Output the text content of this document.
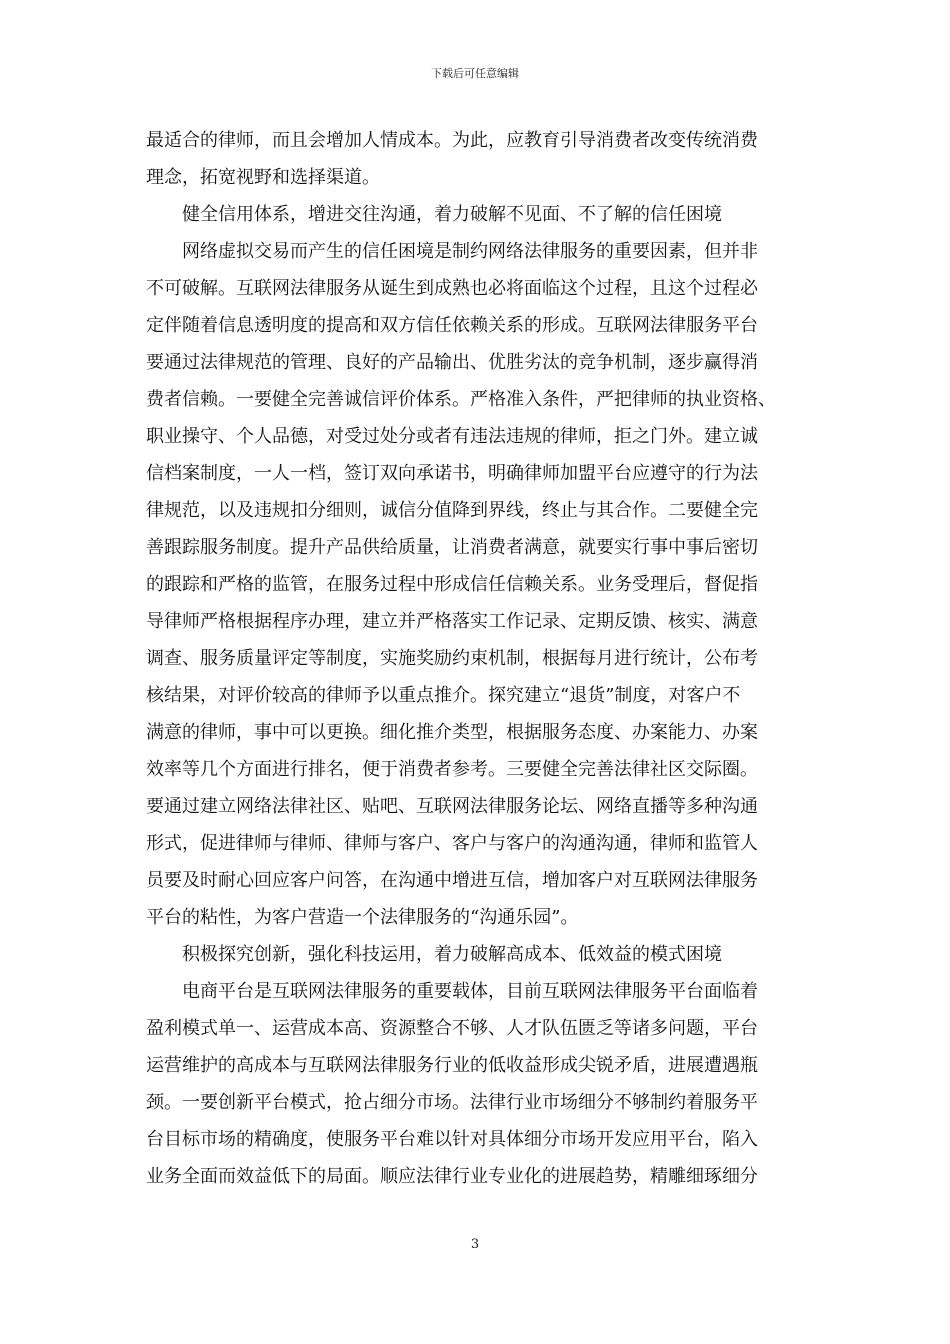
下载后可任意编辑
最适合的律师，而且会增加人情成本。为此，应教育引导消费者改变传统消费
理念，拓宽视野和选择渠道。
健全信用体系，增进交往沟通，着力破解不见面、不了解的信任困境
网络虚拟交易而产生的信任困境是制约网络法律服务的重要因素，但并非
不可破解。互联网法律服务从诞生到成熟也必将面临这个过程，且这个过程必
定伴随着信息透明度的提高和双方信任依赖关系的形成。互联网法律服务平台
要通过法律规范的管理、良好的产品输出、优胜劣汰的竞争机制，逐步赢得消
费者信赖。一要健全完善诚信评价体系。严格准入条件，严把律师的执业资格、
职业操守、个人品德，对受过处分或者有违法违规的律师，拒之门外。建立诚
信档案制度，一人一档，签订双向承诺书，明确律师加盟平台应遵守的行为法
律规范，以及违规扣分细则，诚信分值降到界线，终止与其合作。二要健全完
善跟踪服务制度。提升产品供给质量，让消费者满意，就要实行事中事后密切
的跟踪和严格的监管，在服务过程中形成信任信赖关系。业务受理后，督促指
导律师严格根据程序办理，建立并严格落实工作记录、定期反馈、核实、满意
调查、服务质量评定等制度，实施奖励约束机制，根据每月进行统计，公布考
核结果，对评价较高的律师予以重点推介。探究建立“退货”制度，对客户不
满意的律师，事中可以更换。细化推介类型，根据服务态度、办案能力、办案
效率等几个方面进行排名，便于消费者参考。三要健全完善法律社区交际圈。
要通过建立网络法律社区、贴吧、互联网法律服务论坛、网络直播等多种沟通
形式，促进律师与律师、律师与客户、客户与客户的沟通沟通，律师和监管人
员要及时耐心回应客户问答，在沟通中增进互信，增加客户对互联网法律服务
平台的粘性，为客户营造一个法律服务的“沟通乐园”。
积极探究创新，强化科技运用，着力破解高成本、低效益的模式困境
电商平台是互联网法律服务的重要载体，目前互联网法律服务平台面临着
盈利模式单一、运营成本高、资源整合不够、人才队伍匮乏等诸多问题，平台
运营维护的高成本与互联网法律服务行业的低收益形成尖锐矛盾，进展遭遇瓶
颈。一要创新平台模式，抢占细分市场。法律行业市场细分不够制约着服务平
台目标市场的精确度，使服务平台难以针对具体细分市场开发应用平台，陷入
业务全面而效益低下的局面。顺应法律行业专业化的进展趋势，精雕细琢细分
3
